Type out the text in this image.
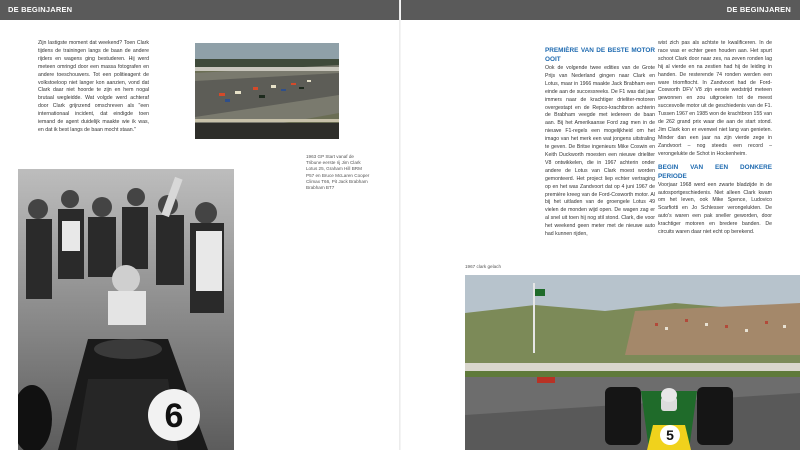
DE BEGINJAREN	DE BEGINJAREN

Zijn lastigste moment dat weekend? Toen Clark tijdens de trainingen langs de baan de andere rijders en wagens ging bestuderen. Hij werd meteen omringd door een massa fotografen en andere toeschouwers. Tot een politieagent de volkstoeloop niet langer kon aanzien, vond dat Clark daar niet hoorde te zijn en hem nogal brutaal wegleidde. Wat volgde werd achteraf door Clark grijnzend omschreven als "een internationaal incident, dat eindigde toen iemand de agent duidelijk maakte wie ik was, en dat ik best langs de baan mocht staan."

1963 GP Start vanaf de Tribune eerste rij Jim Clark Lotus 25, Graham Hill BRM P57 en Bruce McLaren Cooper Climax T66, Pit Jack Brabham Brabham BT7
6
PREMIÈRE VAN DE BESTE MOTOR OOIT

Ook de volgende twee edities van de Grote Prijs van Nederland gingen naar Clark en Lotus, maar in 1966 maakte Jack Brabham een einde aan de successreeks. De F1 was dat jaar immers naar de krachtiger drieliter-motoren overgestapt en de Repco-krachtbron achterin de Brabham veegde met iedereen de baan aan. Bij het Amerikaanse Ford zag men in de nieuwe F1-regels een mogelijkheid om het imago van het merk een wat jongens uitstraling te geven. De Britse ingenieurs Mike Coswin en Keith Duckworth moesten een nieuwe drieliter V8 ontwikkelen, die in 1967 achterin onder andere de Lotus van Clark moest worden gemonteerd. Het project liep echter vertraging op en het was Zandvoort dat op 4 juni 1967 de première kreeg van de Ford-Cosworth motor. Al bij het uitladen van de groengele Lotus 49 vielen de monden wijd open. De wagen zag er al snel uit toen hij nog stil stond. Clark, die voor het weekend geen meter met de nieuwe auto had kunnen rijden,

wist zich pas als achtste te kwalificeren. In de race was er echter geen houden aan. Het spurt schoot Clark door naar zes, na zeven ronden lag hij al vierde en na zestien had hij de leiding in handen. De resterende 74 ronden werden een ware triomftocht. In Zandvoort had de Ford-Cosworth DFV V8 zijn eerste wedstrijd meteen gewonnen en zou uitgroeien tot de meest succesvolle motor uit de geschiedenis van de F1. Tussen 1967 en 1985 won de krachtbron 155 van de 262 grand prix waar die aan de start stond. Jim Clark kon er evenwel niet lang van genieten. Minder dan een jaar na zijn vierde zege in Zandvoort – nog steeds een record – verongelukte de Schot in Hockenheim.

BEGIN VAN EEN DONKERE PERIODE

Voorjaar 1968 werd een zwarte bladzijde in de autosportgeschiedenis. Niet alleen Clark kwam om het leven, ook Mike Spence, Ludovico Scarfiotti en Jo Schlesser verongelukten. De auto's waren een pak sneller geworden, door krachtiger motoren en bredere banden. De circuits waren daar niet echt op berekend.

1967 clark gelach
5
